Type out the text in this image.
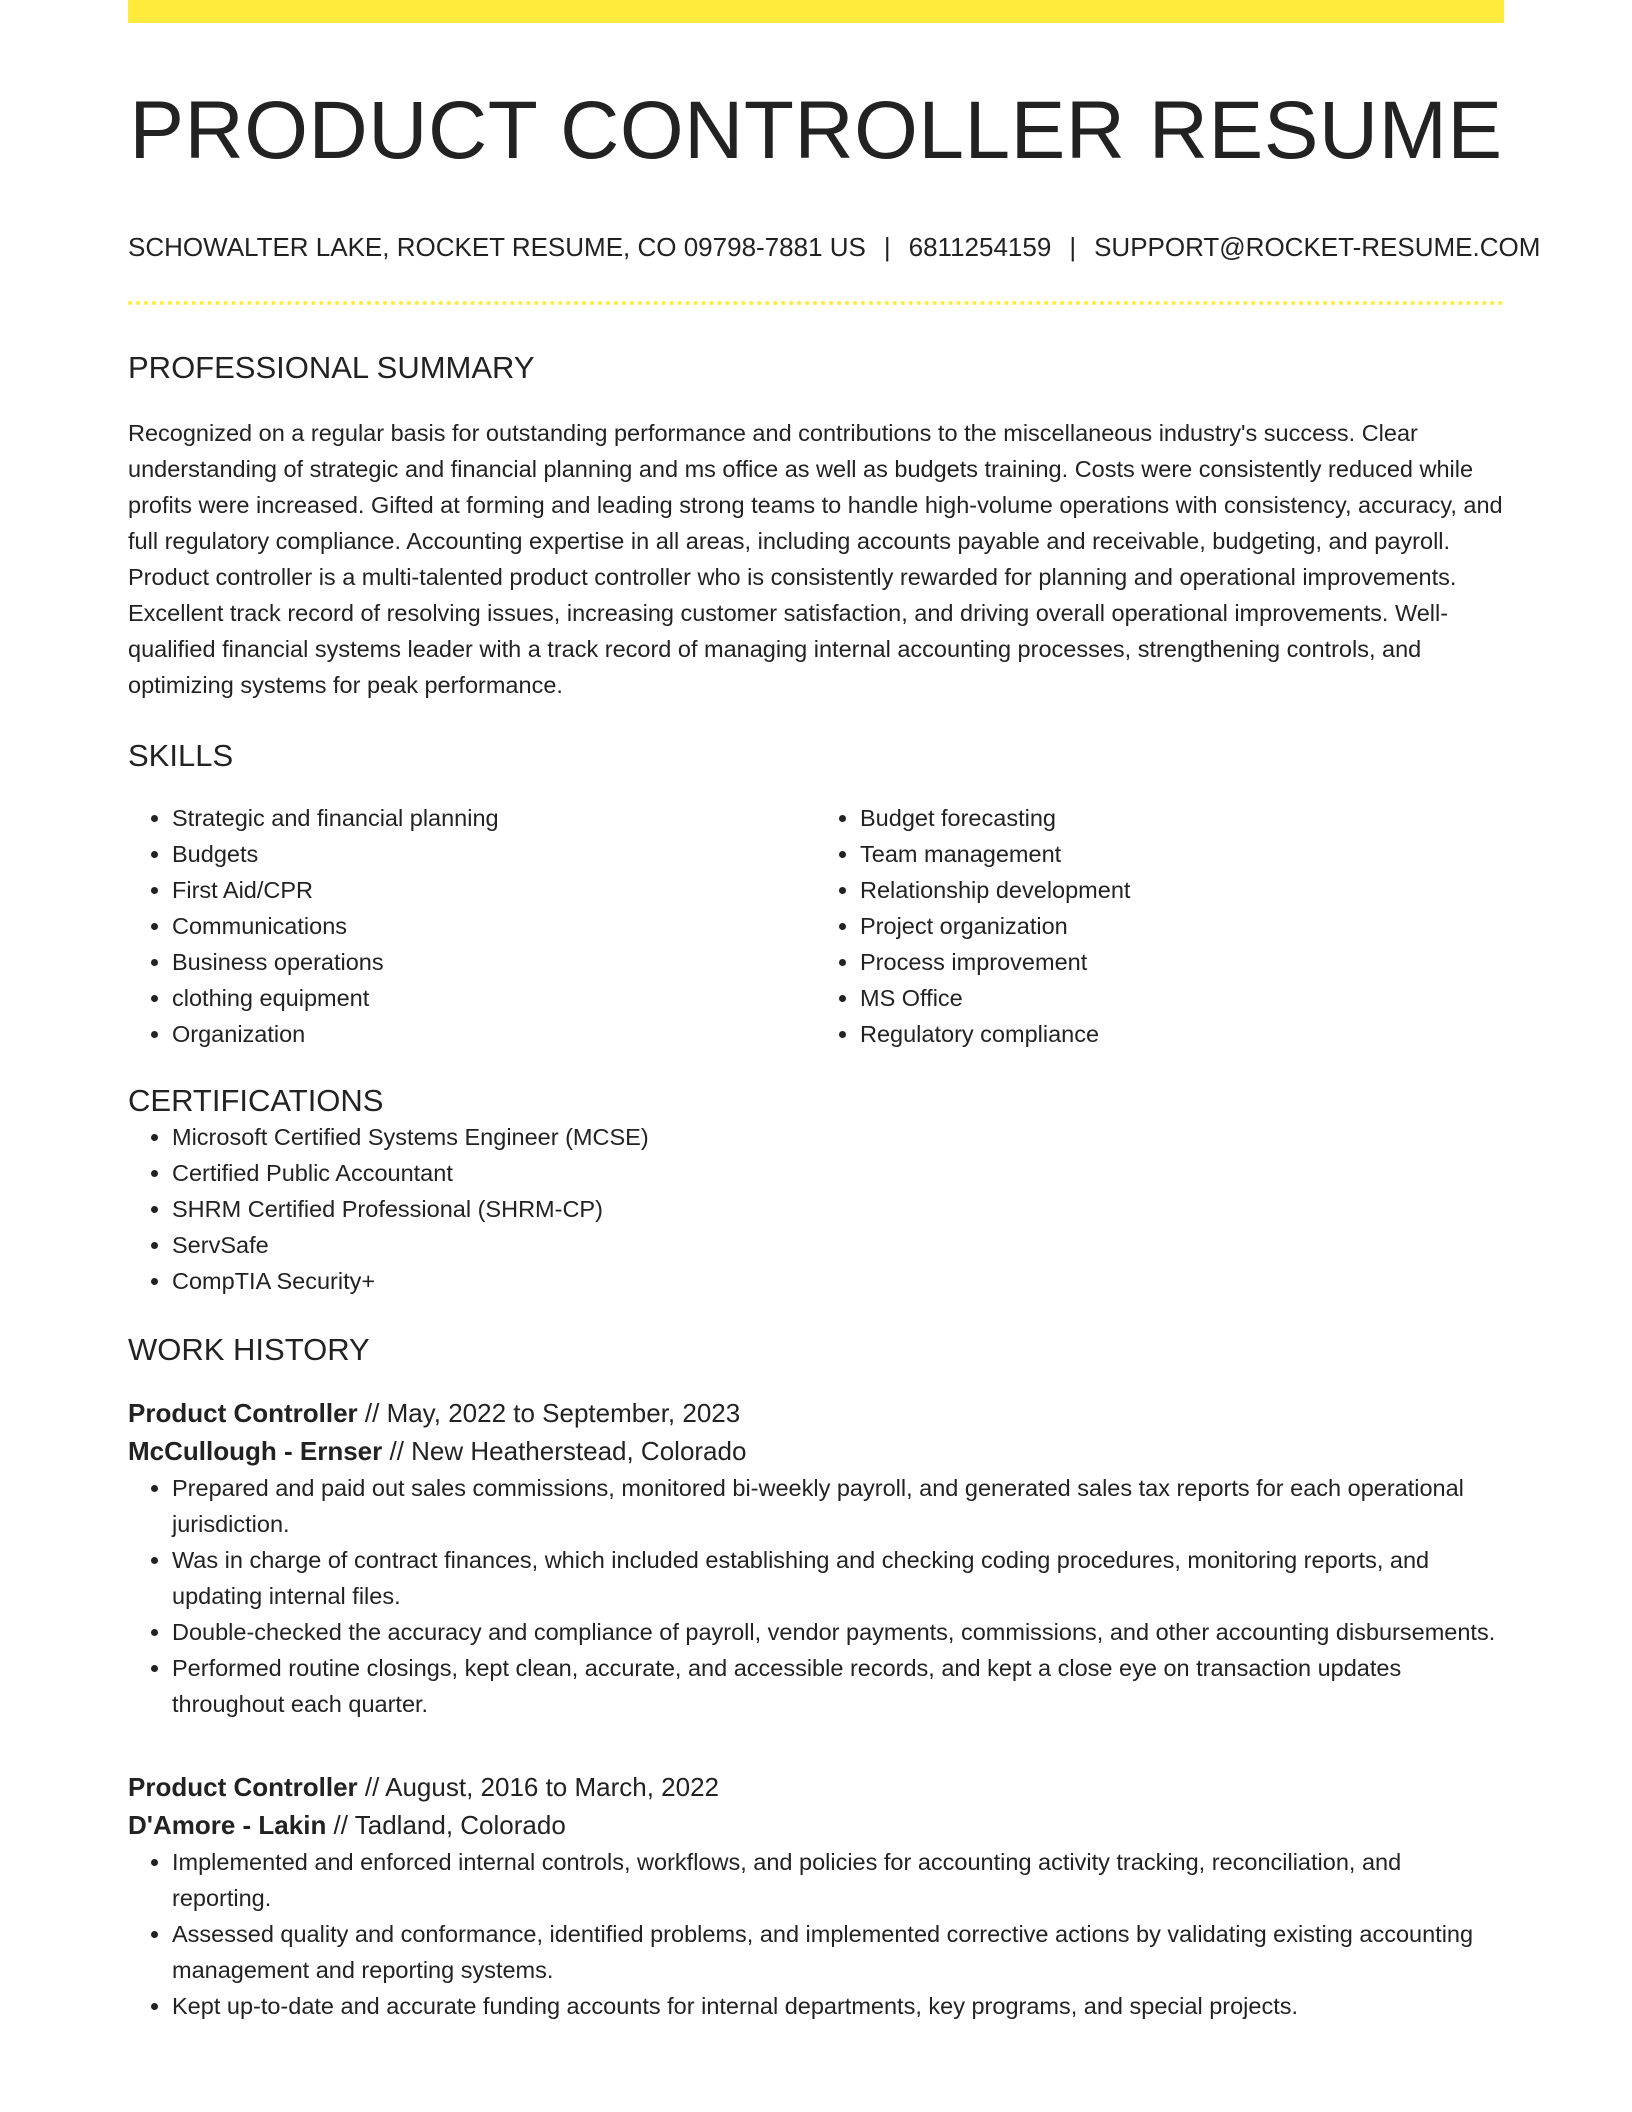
PRODUCT CONTROLLER RESUME
SCHOWALTER LAKE, ROCKET RESUME, CO 09798-7881 US | 6811254159 | SUPPORT@ROCKET-RESUME.COM
PROFESSIONAL SUMMARY

Recognized on a regular basis for outstanding performance and contributions to the miscellaneous industry's success. Clear understanding of strategic and financial planning and ms office as well as budgets training. Costs were consistently reduced while profits were increased. Gifted at forming and leading strong teams to handle high-volume operations with consistency, accuracy, and full regulatory compliance. Accounting expertise in all areas, including accounts payable and receivable, budgeting, and payroll. Product controller is a multi-talented product controller who is consistently rewarded for planning and operational improvements. Excellent track record of resolving issues, increasing customer satisfaction, and driving overall operational improvements. Well-qualified financial systems leader with a track record of managing internal accounting processes, strengthening controls, and optimizing systems for peak performance.

SKILLS
• Strategic and financial planning
• Budgets
• First Aid/CPR
• Communications
• Business operations
• clothing equipment
• Organization
• Budget forecasting
• Team management
• Relationship development
• Project organization
• Process improvement
• MS Office
• Regulatory compliance
CERTIFICATIONS
• Microsoft Certified Systems Engineer (MCSE)
• Certified Public Accountant
• SHRM Certified Professional (SHRM-CP)
• ServSafe
• CompTIA Security+
WORK HISTORY
Product Controller // May, 2022 to September, 2023
McCullough - Ernser // New Heatherstead, Colorado
• Prepared and paid out sales commissions, monitored bi-weekly payroll, and generated sales tax reports for each operational jurisdiction.
• Was in charge of contract finances, which included establishing and checking coding procedures, monitoring reports, and updating internal files.
• Double-checked the accuracy and compliance of payroll, vendor payments, commissions, and other accounting disbursements.
• Performed routine closings, kept clean, accurate, and accessible records, and kept a close eye on transaction updates throughout each quarter.
Product Controller // August, 2016 to March, 2022
D'Amore - Lakin // Tadland, Colorado
• Implemented and enforced internal controls, workflows, and policies for accounting activity tracking, reconciliation, and reporting.
• Assessed quality and conformance, identified problems, and implemented corrective actions by validating existing accounting management and reporting systems.
• Kept up-to-date and accurate funding accounts for internal departments, key programs, and special projects.
